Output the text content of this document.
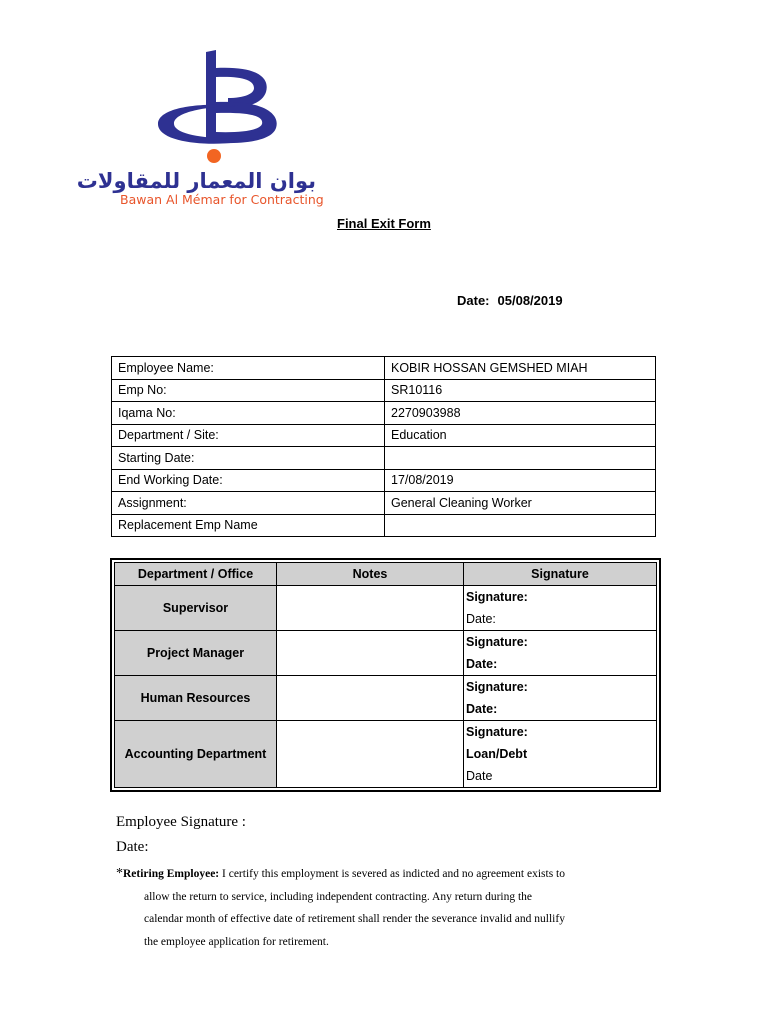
بوان المعمار للمقاولات
Bawan Al Mémar for Contracting
Final Exit Form
Date: 05/08/2019
Employee Name:	KOBIR HOSSAN GEMSHED MIAH
Emp No:	SR10116
Iqama No:	2270903988
Department / Site:	Education
Starting Date:	
End Working Date:	17/08/2019
Assignment:	General Cleaning Worker
Replacement Emp Name	
Department / Office	Notes	Signature
Supervisor		Signature:
Date:

Project Manager		Signature:
Date:

Human Resources		Signature:
Date:

Accounting Department		Signature:
Loan/Debt
Date
Employee Signature :
Date:
*Retiring Employee: I certify this employment is severed as indicted and no agreement exists to
allow the return to service, including independent contracting. Any return during the
calendar month of effective date of retirement shall render the severance invalid and nullify
the employee application for retirement.
